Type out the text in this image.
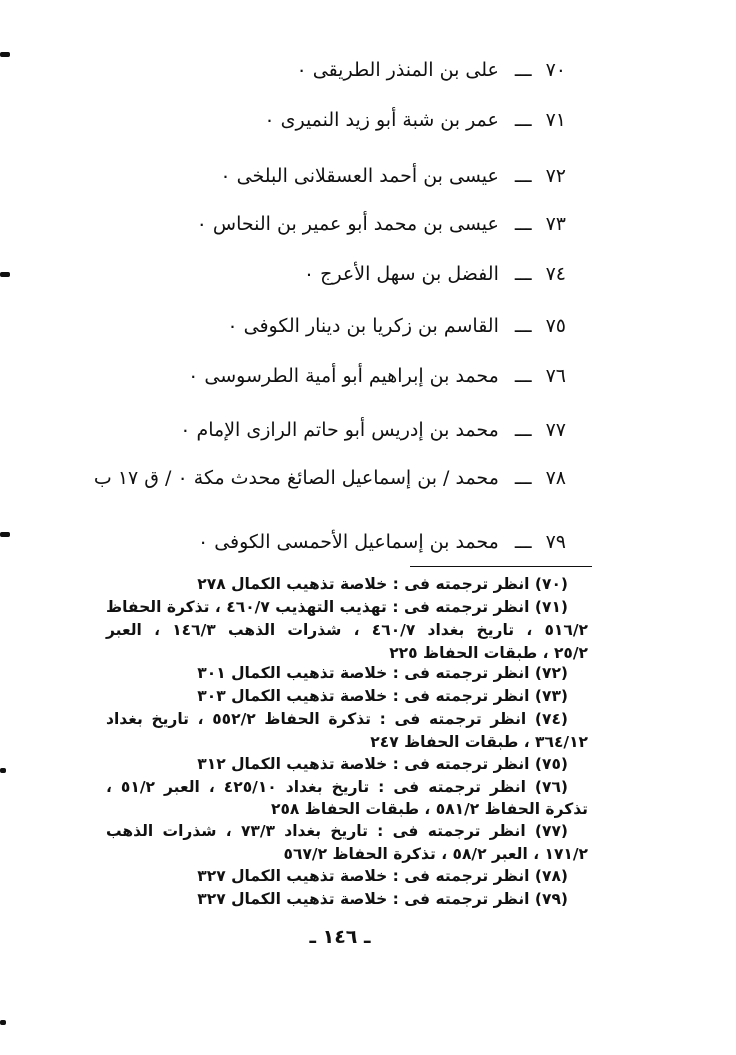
٧٠ـــعلى بن المنذر الطريقى ٠
٧١ـــعمر بن شبة أبو زيد النميرى ٠
٧٢ـــعيسى بن أحمد العسقلانى البلخى ٠
٧٣ـــعيسى بن محمد أبو عمير بن النحاس ٠
٧٤ـــالفضل بن سهل الأعرج ٠
٧٥ـــالقاسم بن زكريا بن دينار الكوفى ٠
٧٦ـــمحمد بن إبراهيم أبو أمية الطرسوسى ٠
٧٧ـــمحمد بن إدريس أبو حاتم الرازى الإمام ٠
٧٨ـــمحمد / بن إسماعيل الصائغ محدث مكة ٠ / ق ١٧ ب
٧٩ـــمحمد بن إسماعيل الأحمسى الكوفى ٠
(٧٠) انظر ترجمته فى : خلاصة تذهيب الكمال ٢٧٨
(٧١) انظر ترجمته فى : تهذيب التهذيب ٤٦٠/٧ ، تذكرة الحفاظ
٥١٦/٢ ، تاريخ بغداد ٤٦٠/٧ ، شذرات الذهب ١٤٦/٣ ، العبر
٢٥/٢ ، طبقات الحفاظ ٢٢٥
(٧٢) انظر ترجمته فى : خلاصة تذهيب الكمال ٣٠١
(٧٣) انظر ترجمته فى : خلاصة تذهيب الكمال ٣٠٣
(٧٤) انظر ترجمته فى : تذكرة الحفاظ ٥٥٢/٢ ، تاريخ بغداد
٣٦٤/١٢ ، طبقات الحفاظ ٢٤٧
(٧٥) انظر ترجمته فى : خلاصة تذهيب الكمال ٣١٢
(٧٦) انظر ترجمته فى : تاريخ بغداد ٤٢٥/١٠ ، العبر ٥١/٢ ،
تذكرة الحفاظ ٥٨١/٢ ، طبقات الحفاظ ٢٥٨
(٧٧) انظر ترجمته فى : تاريخ بغداد ٧٣/٣ ، شذرات الذهب
١٧١/٢ ، العبر ٥٨/٢ ، تذكرة الحفاظ ٥٦٧/٢
(٧٨) انظر ترجمته فى : خلاصة تذهيب الكمال ٣٢٧
(٧٩) انظر ترجمته فى : خلاصة تذهيب الكمال ٣٢٧
ـ ١٤٦ ـ
